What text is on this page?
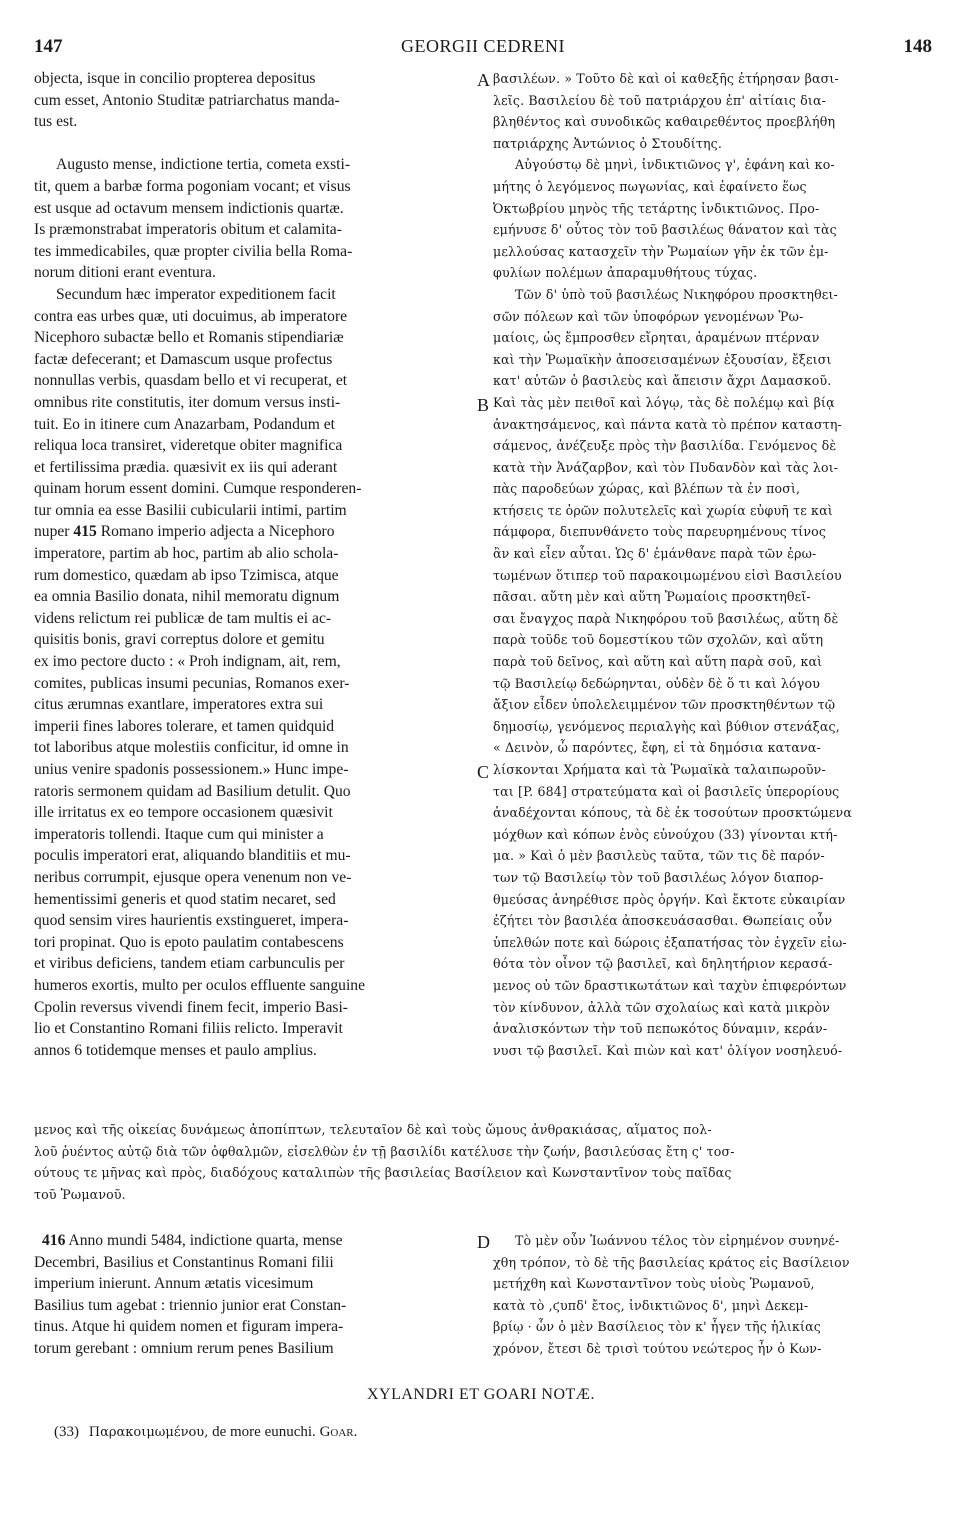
147	GEORGII CEDRENI	148
objecta, isque in concilio propterea depositus
cum esset, Antonio Studitæ patriarchatus manda-
tus est.

Augusto mense, indictione tertia, cometa exsti-
tit, quem a barbæ forma pogoniam vocant; et visus
est usque ad octavum mensem indictionis quartæ.
Is præmonstrabat imperatoris obitum et calamita-
tes immedicabiles, quæ propter civilia bella Roma-
norum ditioni erant eventura.
Secundum hæc imperator expeditionem facit
contra eas urbes quæ, uti docuimus, ab imperatore
Nicephoro subactæ bello et Romanis stipendiariæ
factæ defecerant; et Damascum usque profectus
nonnullas verbis, quasdam bello et vi recuperat, et
omnibus rite constitutis, iter domum versus insti-
tuit. Eo in itinere cum Anazarbam, Podandum et
reliqua loca transiret, videretque obiter magnifica
et fertilissima prædia. quæsivit ex iis qui aderant
quinam horum essent domini. Cumque responderen-
tur omnia ea esse Basilii cubicularii intimi, partim
nuper 415 Romano imperio adjecta a Nicephoro
imperatore, partim ab hoc, partim ab alio schola-
rum domestico, quædam ab ipso Tzimisca, atque
ea omnia Basilio donata, nihil memoratu dignum
videns relictum rei publicæ de tam multis ei ac-
quisitis bonis, gravi correptus dolore et gemitu
ex imo pectore ducto : « Proh indignam, ait, rem,
comites, publicas insumi pecunias, Romanos exer-
citus ærumnas exantlare, imperatores extra sui
imperii fines labores tolerare, et tamen quidquid
tot laboribus atque molestiis conficitur, id omne in
unius venire spadonis possessionem.» Hunc impe-
ratoris sermonem quidam ad Basilium detulit. Quo
ille irritatus ex eo tempore occasionem quæsivit
imperatoris tollendi. Itaque cum qui minister a
poculis imperatori erat, aliquando blanditiis et mu-
neribus corrumpit, ejusque opera venenum non ve-
hementissimi generis et quod statim necaret, sed
quod sensim vires haurientis exstingueret, impera-
tori propinat. Quo is epoto paulatim contabescens
et viribus deficiens, tandem etiam carbunculis per
humeros exortis, multo per oculos effluente sanguine
Cpolin reversus vivendi finem fecit, imperio Basi-
lio et Constantino Romani filiis relicto. Imperavit
annos 6 totidemque menses et paulo amplius.
βασιλέων. » Τοῦτο δὲ καὶ οἱ καθεξῆς ἐτήρησαν βασι-
λεῖς. Βασιλείου δὲ τοῦ πατριάρχου ἐπ' αἰτίαις δια-
βληθέντος καὶ συνοδικῶς καθαιρεθέντος προεβλήθη
πατριάρχης Ἀντώνιος ὁ Στουδίτης.
Αὐγούστῳ δὲ μηνὶ, ἰνδικτιῶνος γ', ἐφάνη καὶ κο-
μήτης ὁ λεγόμενος πωγωνίας, καὶ ἐφαίνετο ἕως
Ὀκτωβρίου μηνὸς τῆς τετάρτης ἰνδικτιῶνος. Προ-
εμήνυσε δ' οὗτος τὸν τοῦ βασιλέως θάνατον καὶ τὰς
μελλούσας κατασχεῖν τὴν Ῥωμαίων γῆν ἐκ τῶν ἐμ-
φυλίων πολέμων ἀπαραμυθήτους τύχας.
Τῶν δ' ὑπὸ τοῦ βασιλέως Νικηφόρου προσκτηθει-
σῶν πόλεων καὶ τῶν ὑποφόρων γενομένων Ῥω-
μαίοις, ὡς ἔμπροσθεν εἴρηται, ἀραμένων πτέρναν
καὶ τὴν Ῥωμαϊκὴν ἀποσεισαμένων ἐξουσίαν, ἔξεισι
κατ' αὐτῶν ὁ βασιλεὺς καὶ ἄπεισιν ἄχρι Δαμασκοῦ.
Καὶ τὰς μὲν πειθοῖ καὶ λόγῳ, τὰς δὲ πολέμῳ καὶ βίᾳ
ἀνακτησάμενος, καὶ πάντα κατὰ τὸ πρέπον καταστη-
σάμενος, ἀνέζευξε πρὸς τὴν βασιλίδα. Γενόμενος δὲ
κατὰ τὴν Ἀνάζαρβον, καὶ τὸν Πυδανδὸν καὶ τὰς λοι-
πὰς παροδεύων χώρας, καὶ βλέπων τὰ ἐν ποσὶ,
κτήσεις τε ὁρῶν πολυτελεῖς καὶ χωρία εὐφυῆ τε καὶ
πάμφορα, διεπυνθάνετο τοὺς παρευρημένους τίνος
ἂν καὶ εἶεν αὗται. Ὡς δ' ἐμάνθανε παρὰ τῶν ἐρω-
τωμένων ὅτιπερ τοῦ παρακοιμωμένου εἰσὶ Βασιλείου
πᾶσαι. αὕτη μὲν καὶ αὕτη Ῥωμαίοις προσκτηθεῖ-
σαι ἔναγχος παρὰ Νικηφόρου τοῦ βασιλέως, αὕτη δὲ
παρὰ τοῦδε τοῦ δομεστίκου τῶν σχολῶν, καὶ αὕτη
παρὰ τοῦ δεῖνος, καὶ αὕτη καὶ αὕτη παρὰ σοῦ, καὶ
τῷ Βασιλείῳ δεδώρηνται, οὐδὲν δὲ ὅ τι καὶ λόγου
ἄξιον εἶδεν ὑπολελειμμένον τῶν προσκτηθέντων τῷ
δημοσίῳ, γενόμενος περιαλγὴς καὶ βύθιον στενάξας,
« Δεινὸν, ὦ παρόντες, ἔφη, εἰ τὰ δημόσια κατανα-
λίσκονται Χρήματα καὶ τὰ Ῥωμαϊκὰ ταλαιπωροῦν-
ται [P. 684] στρατεύματα καὶ οἱ βασιλεῖς ὑπερορίους
ἀναδέχονται κόπους, τὰ δὲ ἐκ τοσούτων προσκτώμενα
μόχθων καὶ κόπων ἑνὸς εὐνούχου (33) γίνονται κτή-
μα. » Καὶ ὁ μὲν βασιλεὺς ταῦτα, τῶν τις δὲ παρόν-
των τῷ Βασιλείῳ τὸν τοῦ βασιλέως λόγον διαπορ-
θμεύσας ἀνηρέθισε πρὸς ὀργήν. Καὶ ἔκτοτε εὐκαιρίαν
ἐζήτει τὸν βασιλέα ἀποσκευάσασθαι. Θωπείαις οὖν
ὑπελθών ποτε καὶ δώροις ἐξαπατήσας τὸν ἐγχεῖν εἰω-
θότα τὸν οἶνον τῷ βασιλεῖ, καὶ δηλητήριον κερασά-
μενος οὐ τῶν δραστικωτάτων καὶ ταχὺν ἐπιφερόντων
τὸν κίνδυνον, ἀλλὰ τῶν σχολαίως καὶ κατὰ μικρὸν
ἀναλισκόντων τὴν τοῦ πεπωκότος δύναμιν, κεράν-
νυσι τῷ βασιλεῖ. Καὶ πιὼν καὶ κατ' ὀλίγον νοσηλευό-
μενος καὶ τῆς οἰκείας δυνάμεως ἀποπίπτων, τελευταῖον δὲ καὶ τοὺς ὤμους ἀνθρακιάσας, αἵματος πολ-
λοῦ ῥυέντος αὐτῷ διὰ τῶν ὀφθαλμῶν, εἰσελθὼν ἐν τῇ βασιλίδι κατέλυσε τὴν ζωήν, βασιλεύσας ἔτη ς' τοσ-
ούτους τε μῆνας καὶ πρὸς, διαδόχους καταλιπὼν τῆς βασιλείας Βασίλειον καὶ Κωνσταντῖνον τοὺς παῖδας
τοῦ Ῥωμανοῦ.
416 Anno mundi 5484, indictione quarta, mense
Decembri, Basilius et Constantinus Romani filii
imperium inierunt. Annum ætatis vicesimum
Basilius tum agebat : triennio junior erat Constan-
tinus. Atque hi quidem nomen et figuram impera-
torum gerebant : omnium rerum penes Basilium
Τὸ μὲν οὖν Ἰωάννου τέλος τὸν εἰρημένον συνηνέ-
χθη τρόπον, τὸ δὲ τῆς βασιλείας κράτος εἰς Βασίλειον
μετήχθη καὶ Κωνσταντῖνον τοὺς υἱοὺς Ῥωμανοῦ,
κατὰ τὸ ,ϛυπδ' ἔτος, ἰνδικτιῶνος δ', μηνὶ Δεκεμ-
βρίῳ · ὧν ὁ μὲν Βασίλειος τὸν κ' ἦγεν τῆς ἡλικίας
χρόνον, ἔτεσι δὲ τρισὶ τούτου νεώτερος ἦν ὁ Κων-
A
B
C
D
XYLANDRI ET GOARI NOTÆ.
(33) Παρακοιμωμένου, de more eunuchi. Goar.
